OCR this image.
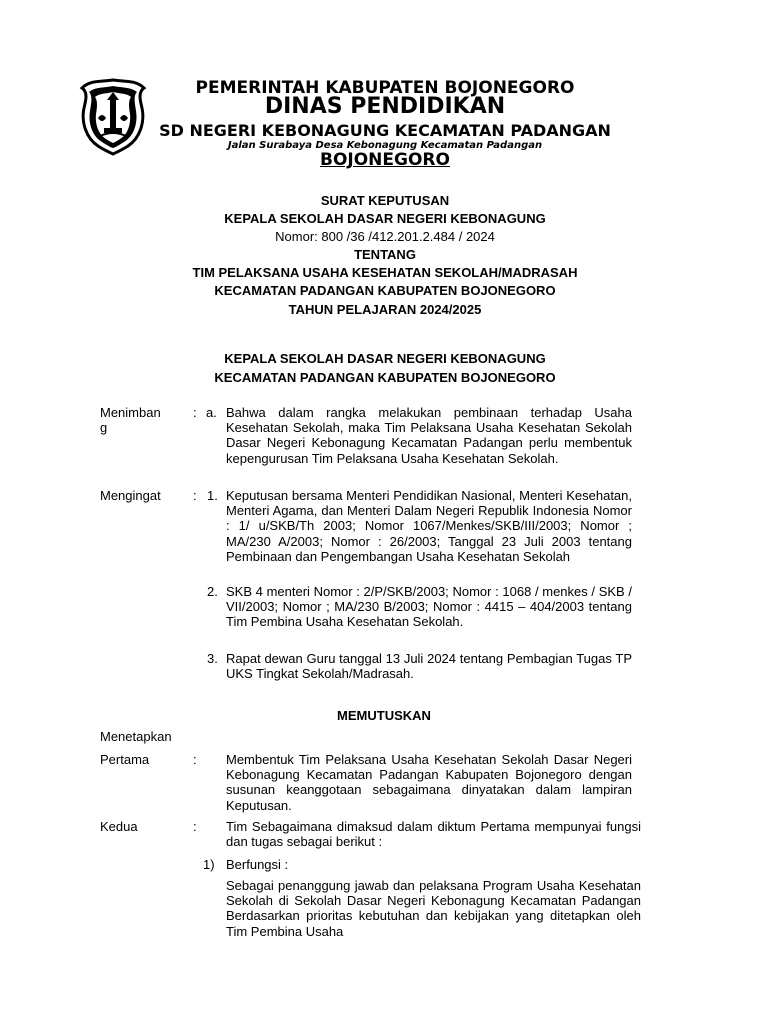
PEMERINTAH KABUPATEN BOJONEGORO
DINAS PENDIDIKAN
SD NEGERI KEBONAGUNG KECAMATAN PADANGAN
Jalan Surabaya Desa Kebonagung Kecamatan Padangan
BOJONEGORO
SURAT KEPUTUSAN
KEPALA SEKOLAH DASAR NEGERI KEBONAGUNG
Nomor: 800 /36 /412.201.2.484 / 2024
TENTANG
TIM PELAKSANA USAHA KESEHATAN SEKOLAH/MADRASAH
KECAMATAN PADANGAN KABUPATEN BOJONEGORO
TAHUN PELAJARAN 2024/2025
KEPALA SEKOLAH DASAR NEGERI KEBONAGUNG
KECAMATAN PADANGAN KABUPATEN BOJONEGORO
Menimban
g
: a. Bahwa dalam rangka melakukan pembinaan terhadap Usaha Kesehatan Sekolah, maka Tim Pelaksana Usaha Kesehatan Sekolah Dasar Negeri Kebonagung Kecamatan Padangan perlu membentuk kepengurusan Tim Pelaksana Usaha Kesehatan Sekolah.
Mengingat : 1. Keputusan bersama Menteri Pendidikan Nasional, Menteri Kesehatan, Menteri Agama, dan Menteri Dalam Negeri Republik Indonesia Nomor : 1/ u/SKB/Th 2003; Nomor 1067/Menkes/SKB/III/2003; Nomor ; MA/230 A/2003; Nomor : 26/2003; Tanggal 23 Juli 2003 tentang Pembinaan dan Pengembangan Usaha Kesehatan Sekolah
2. SKB 4 menteri Nomor : 2/P/SKB/2003; Nomor : 1068 / menkes / SKB / VII/2003; Nomor ; MA/230 B/2003; Nomor : 4415 – 404/2003 tentang Tim Pembina Usaha Kesehatan Sekolah.
3. Rapat dewan Guru tanggal 13 Juli 2024 tentang Pembagian Tugas TP UKS Tingkat Sekolah/Madrasah.
MEMUTUSKAN
Menetapkan
Pertama	: Membentuk Tim Pelaksana Usaha Kesehatan Sekolah Dasar Negeri Kebonagung Kecamatan Padangan Kabupaten Bojonegoro dengan susunan keanggotaan sebagaimana dinyatakan dalam lampiran Keputusan.
Kedua	: Tim Sebagaimana dimaksud dalam diktum Pertama mempunyai fungsi dan tugas sebagai berikut :
1) Berfungsi :
Sebagai penanggung jawab dan pelaksana Program Usaha Kesehatan Sekolah di Sekolah Dasar Negeri Kebonagung Kecamatan Padangan Berdasarkan prioritas kebutuhan dan kebijakan yang ditetapkan oleh Tim Pembina Usaha
